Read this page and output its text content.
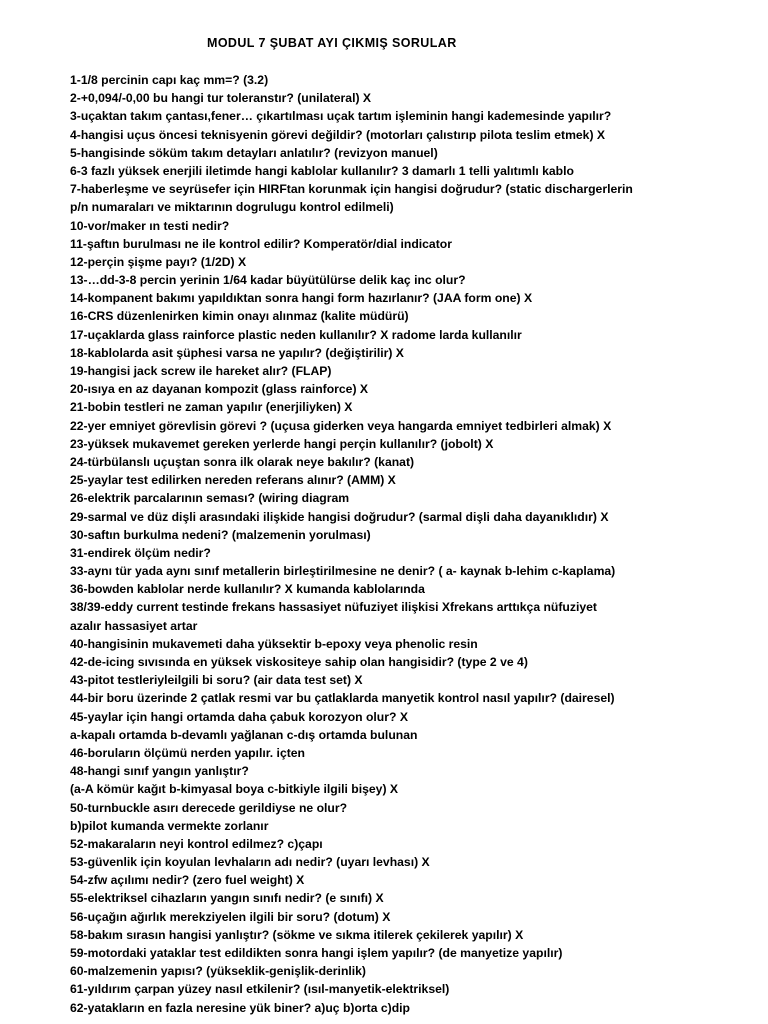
MODUL 7 ŞUBAT AYI ÇIKMIŞ SORULAR
1-1/8 percinin capı kaç mm=? (3.2)
2-+0,094/-0,00 bu hangi tur toleranstır? (unilateral) X
3-uçaktan takım çantası,fener… çıkartılması uçak tartım işleminin hangi kademesinde yapılır?
4-hangisi uçus öncesi teknisyenin görevi değildir? (motorları çalıstırıp pilota teslim etmek) X
5-hangisinde söküm takım detayları anlatılır? (revizyon manuel)
6-3 fazlı yüksek enerjili iletimde hangi kablolar kullanılır? 3 damarlı 1 telli yalıtımlı kablo
7-haberleşme ve seyrüsefer için HIRFtan korunmak için hangisi doğrudur? (static dischargerlerin
p/n numaraları ve miktarının dogrulugu kontrol edilmeli)
10-vor/maker ın testi nedir?
11-şaftın burulması ne ile kontrol edilir? Komperatör/dial indicator
12-perçin şişme payı? (1/2D) X
13-…dd-3-8 percin yerinin 1/64 kadar büyütülürse delik kaç inc olur?
14-kompanent bakımı yapıldıktan sonra hangi form hazırlanır? (JAA form one) X
16-CRS düzenlenirken kimin onayı alınmaz (kalite müdürü)
17-uçaklarda glass rainforce plastic neden kullanılır? X radome larda kullanılır
18-kablolarda asit şüphesi varsa ne yapılır? (değiştirilir) X
19-hangisi jack screw ile hareket alır? (FLAP)
20-ısıya en az dayanan kompozit (glass rainforce) X
21-bobin testleri ne zaman yapılır (enerjiliyken) X
22-yer emniyet görevlisin görevi ? (uçusa giderken veya hangarda emniyet tedbirleri almak) X
23-yüksek mukavemet gereken yerlerde hangi perçin kullanılır? (jobolt) X
24-türbülanslı uçuştan sonra ilk olarak neye bakılır? (kanat)
25-yaylar test edilirken nereden referans alınır? (AMM) X
26-elektrik parcalarının seması? (wiring diagram
29-sarmal ve düz dişli arasındaki ilişkide hangisi doğrudur? (sarmal dişli daha dayanıklıdır) X
30-saftın burkulma nedeni? (malzemenin yorulması)
31-endirek ölçüm nedir?
33-aynı tür yada aynı sınıf metallerin birleştirilmesine ne denir? ( a- kaynak b-lehim c-kaplama)
36-bowden kablolar nerde kullanılır? X kumanda kablolarında
38/39-eddy current testinde frekans hassasiyet nüfuziyet ilişkisi Xfrekans arttıkça nüfuziyet
azalır hassasiyet artar
40-hangisinin mukavemeti daha yüksektir b-epoxy veya phenolic resin
42-de-icing sıvısında en yüksek viskositeye sahip olan hangisidir? (type 2 ve 4)
43-pitot testleriyleilgili bi soru? (air data test set) X
44-bir boru üzerinde 2 çatlak resmi var bu çatlaklarda manyetik kontrol nasıl yapılır? (dairesel)
45-yaylar için hangi ortamda daha çabuk korozyon olur? X
a-kapalı ortamda b-devamlı yağlanan c-dış ortamda bulunan
46-boruların ölçümü nerden yapılır. içten
48-hangi sınıf yangın yanlıştır?
(a-A kömür kağıt b-kimyasal boya c-bitkiyle ilgili bişey) X
50-turnbuckle asırı derecede gerildiyse ne olur?
b)pilot kumanda vermekte zorlanır
52-makaraların neyi kontrol edilmez? c)çapı
53-güvenlik için koyulan levhaların adı nedir? (uyarı levhası) X
54-zfw açılımı nedir? (zero fuel weight) X
55-elektriksel cihazların yangın sınıfı nedir? (e sınıfı) X
56-uçağın ağırlık merekziyelen ilgili bir soru? (dotum) X
58-bakım sırasın hangisi yanlıştır? (sökme ve sıkma itilerek çekilerek yapılır) X
59-motordaki yataklar test edildikten sonra hangi işlem yapılır? (de manyetize yapılır)
60-malzemenin yapısı? (yükseklik-genişlik-derinlik)
61-yıldırım çarpan yüzey nasıl etkilenir? (ısıl-manyetik-elektriksel)
62-yatakların en fazla neresine yük biner? a)uç b)orta c)dip
